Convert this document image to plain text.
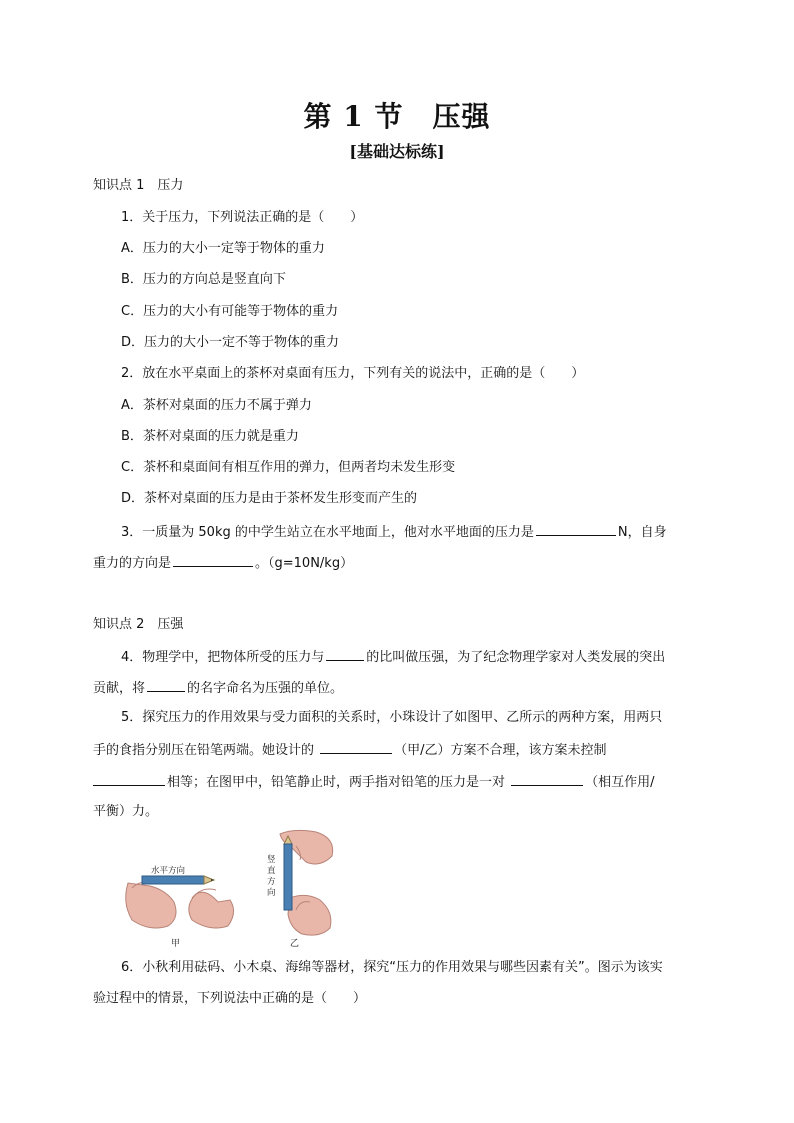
第 1 节　压强
[基础达标练]
知识点 1　压力
1．关于压力，下列说法正确的是（　　）
A．压力的大小一定等于物体的重力
B．压力的方向总是竖直向下
C．压力的大小有可能等于物体的重力
D．压力的大小一定不等于物体的重力
2．放在水平桌面上的茶杯对桌面有压力，下列有关的说法中，正确的是（　　）
A．茶杯对桌面的压力不属于弹力
B．茶杯对桌面的压力就是重力
C．茶杯和桌面间有相互作用的弹力，但两者均未发生形变
D．茶杯对桌面的压力是由于茶杯发生形变而产生的
3．一质量为 50kg 的中学生站立在水平地面上，他对水平地面的压力是	N，自身
重力的方向是	。（g=10N/kg）
知识点 2　压强
4．物理学中，把物体所受的压力与	的比叫做压强，为了纪念物理学家对人类发展的突出
贡献，将	的名字命名为压强的单位。
5．探究压力的作用效果与受力面积的关系时，小珠设计了如图甲、乙所示的两种方案，用两只
手的食指分别压在铅笔两端。她设计的	（甲/乙）方案不合理，该方案未控制
相等；在图甲中，铅笔静止时，两手指对铅笔的压力是一对	（相互作用/
平衡）力。
水平方向
甲
竖直方向
乙
6．小秋利用砝码、小木桌、海绵等器材，探究“压力的作用效果与哪些因素有关”。图示为该实
验过程中的情景，下列说法中正确的是（　　）
